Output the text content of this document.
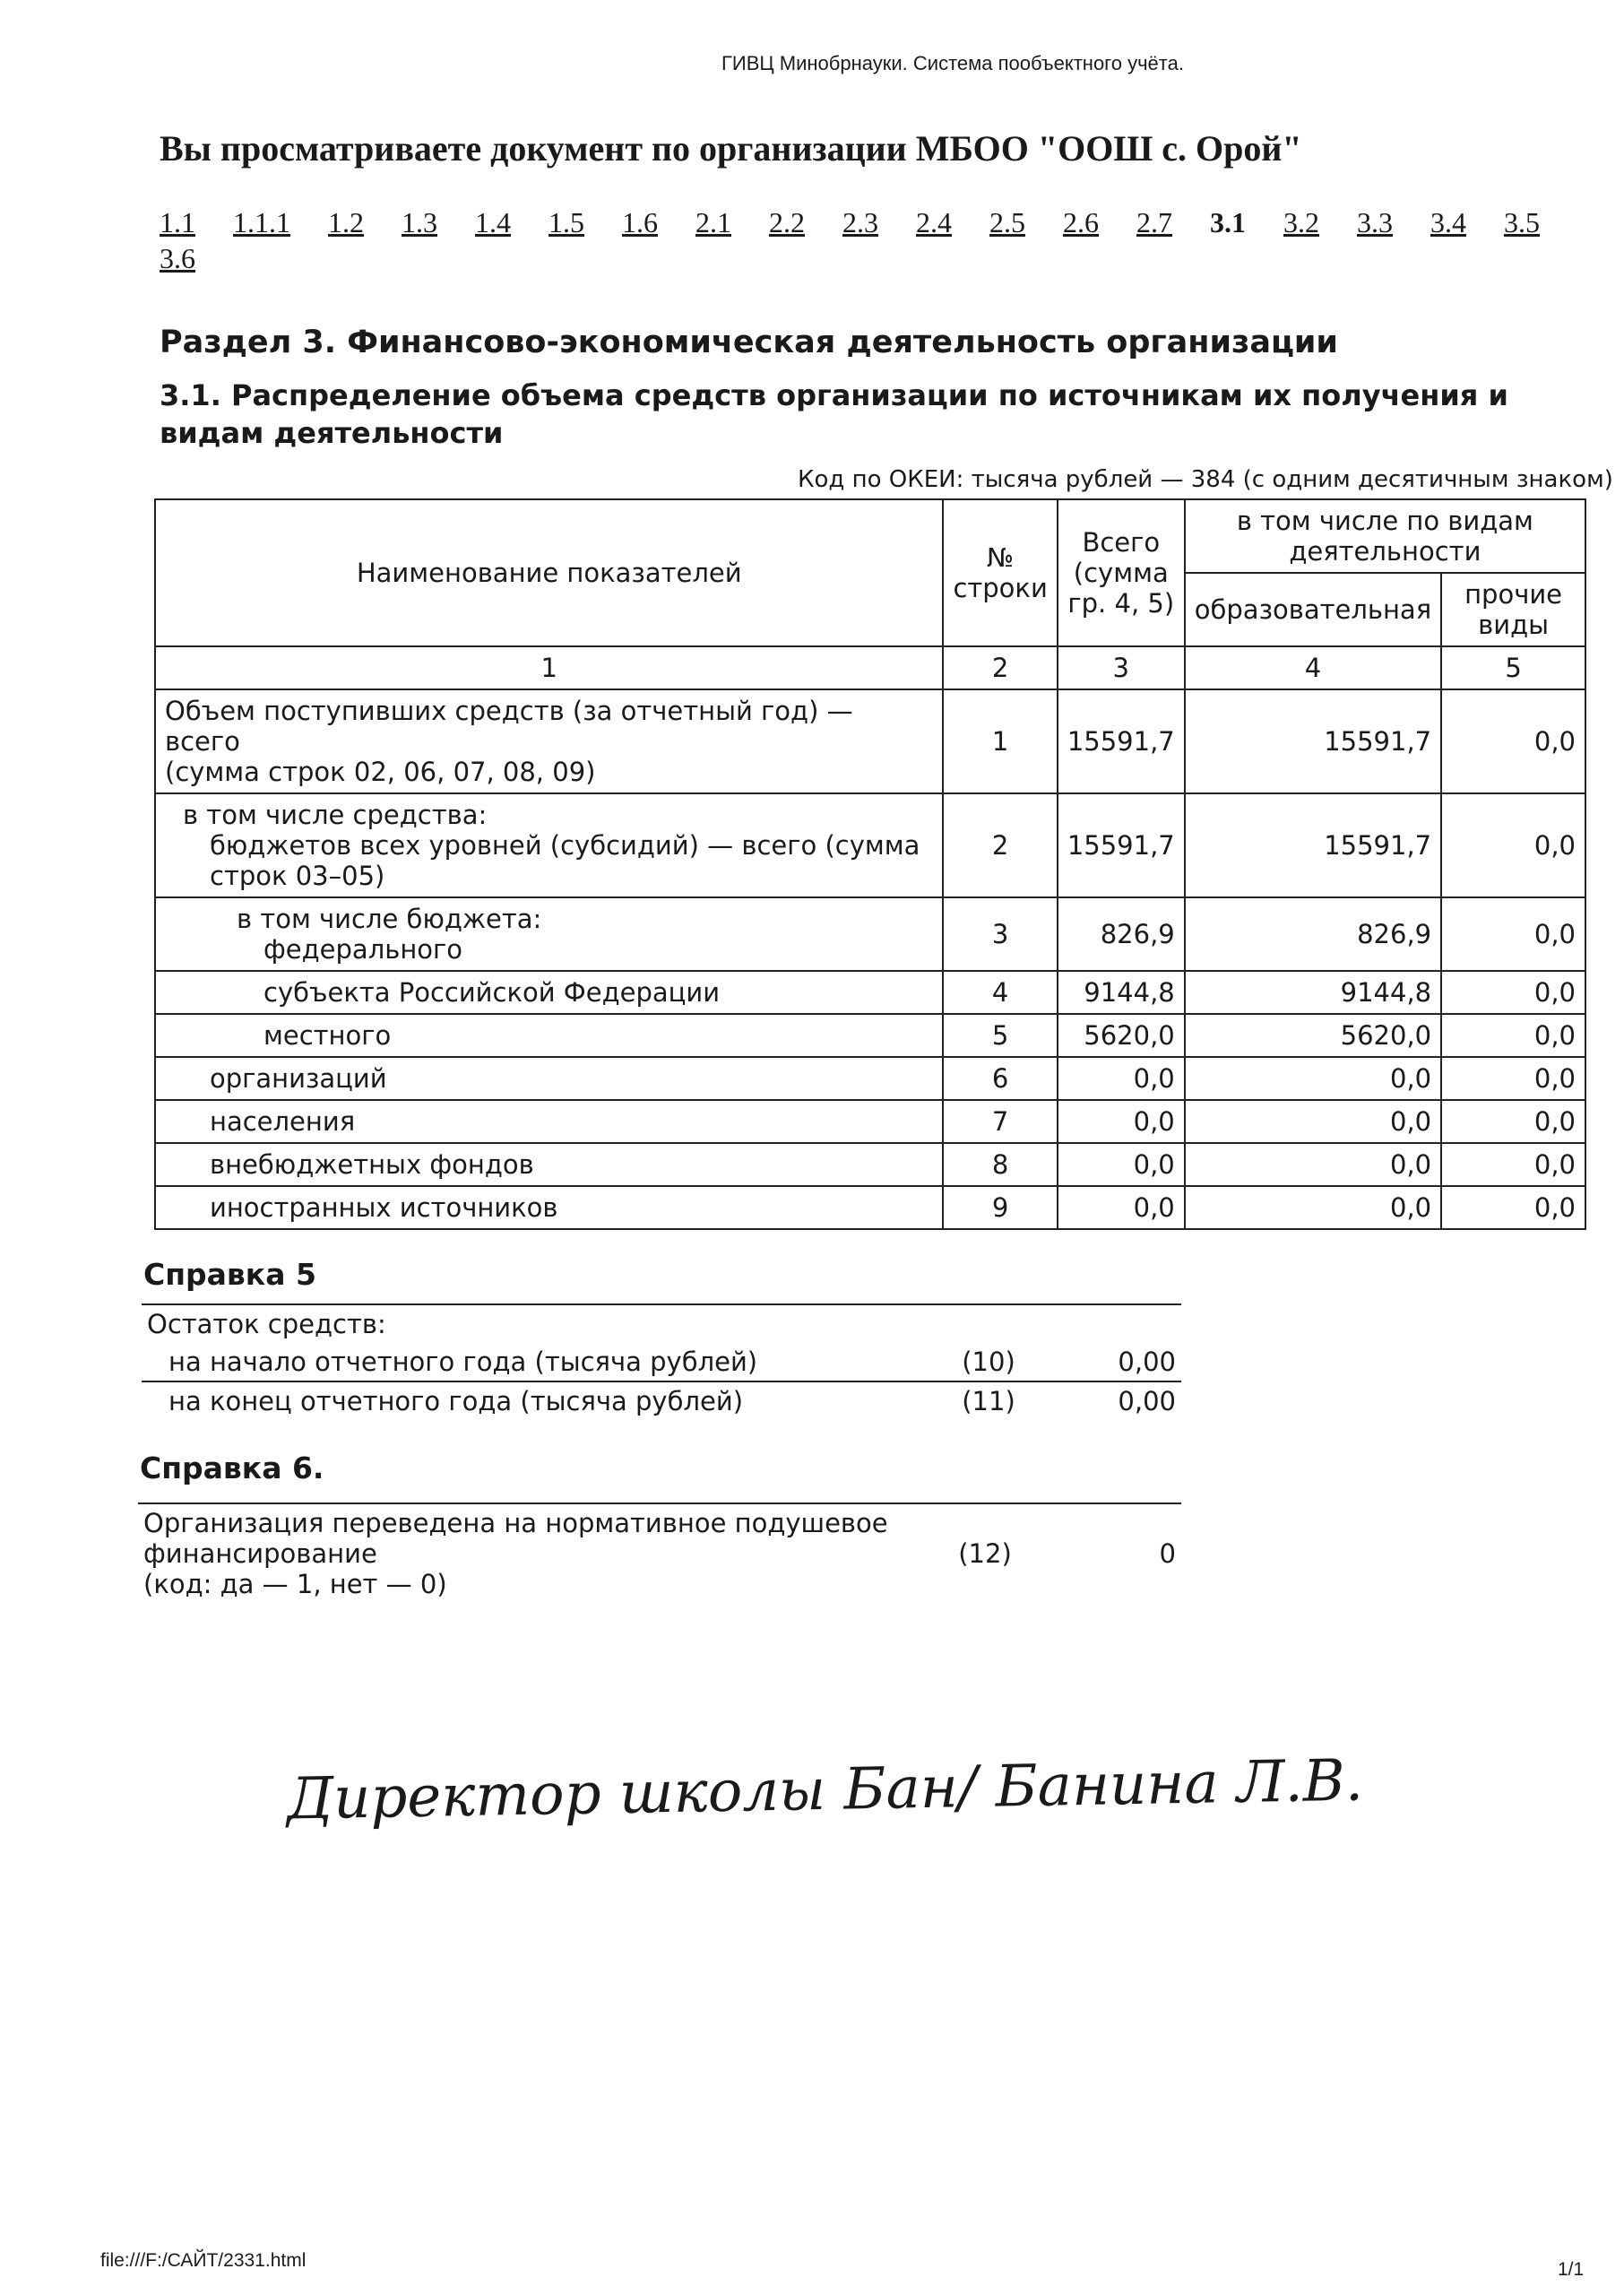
ГИВЦ Минобрнауки. Система пообъектного учёта.
Вы просматриваете документ по организации МБОО "ООШ с. Орой"
1.1 1.1.1 1.2 1.3 1.4 1.5 1.6 2.1 2.2 2.3 2.4 2.5 2.6 2.7 3.1 3.2 3.3 3.4 3.53.6
Раздел 3. Финансово-экономическая деятельность организации
3.1. Распределение объема средств организации по источникам их получения и видам деятельности
Код по ОКЕИ: тысяча рублей — 384 (с одним десятичным знаком)
Наименование показателей	№ строки	Всего (сумма гр. 4, 5)	в том числе по видам деятельности	
			образовательная	прочие виды
1	2	3	4	5

Объем поступивших средств (за отчетный год) — всего
(сумма строк 02, 06, 07, 08, 09)	1	15591,7	15591,7	0,0

в том числе средства:
бюджетов всех уровней (субсидий) — всего (сумма строк 03–05)	2	15591,7	15591,7	0,0

в том числе бюджета:
федерального	3	826,9	826,9	0,0

субъекта Российской Федерации	4	9144,8	9144,8	0,0

местного	5	5620,0	5620,0	0,0

организаций	6	0,0	0,0	0,0

населения	7	0,0	0,0	0,0

внебюджетных фондов	8	0,0	0,0	0,0

иностранных источников	9	0,0	0,0	0,0
Справка 5
Остаток средств:		
на начало отчетного года (тысяча рублей)	(10)	0,00
на конец отчетного года (тысяча рублей)	(11)	0,00
Справка 6.
Организация переведена на нормативное подушевое
финансирование
(код: да — 1, нет — 0)
	(12)	0
Директор школы Бан/ Банина Л.В.
file:///F:/САЙТ/2331.html	1/1
